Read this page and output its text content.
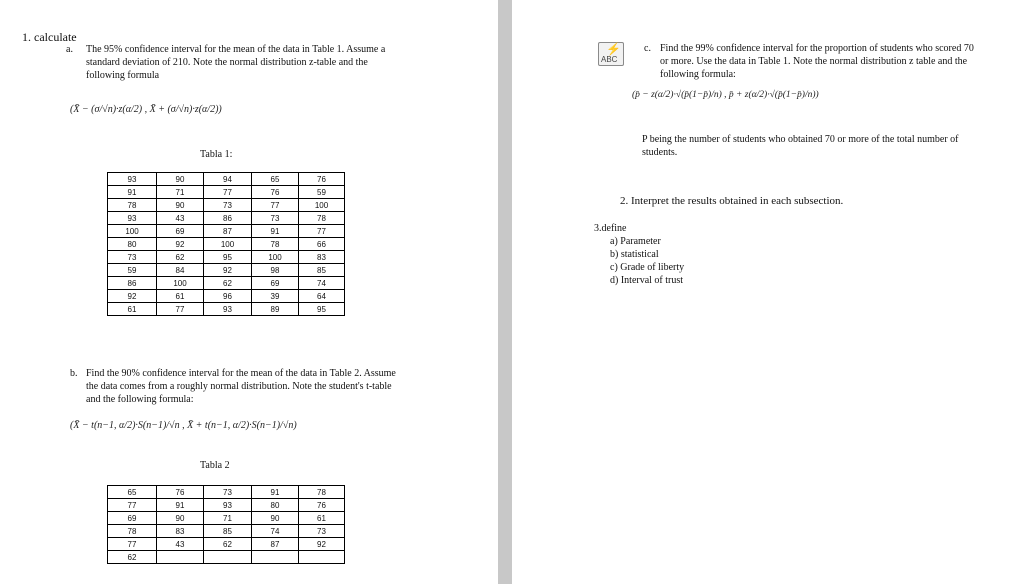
1. calculate
a. The 95% confidence interval for the mean of the data in Table 1. Assume a
standard deviation of 210. Note the normal distribution z-table and the
following formula
(X̄ − (σ/√n)·z(α/2) , X̄ + (σ/√n)·z(α/2))
Tabla 1:
93	90	94	65	76
91	71	77	76	59
78	90	73	77	100
93	43	86	73	78
100	69	87	91	77
80	92	100	78	66
73	62	95	100	83
59	84	92	98	85
86	100	62	69	74
92	61	96	39	64
61	77	93	89	95
b. Find the 90% confidence interval for the mean of the data in Table 2. Assume
the data comes from a roughly normal distribution. Note the student's t-table
and the following formula:
(X̄ − t(n−1, α/2)·S(n−1)/√n , X̄ + t(n−1, α/2)·S(n−1)/√n)
Tabla 2
65	76	73	91	78
77	91	93	80	76
69	90	71	90	61
78	83	85	74	73
77	43	62	87	92
62				
ABC
⚡ c. Find the 99% confidence interval for the proportion of students who scored 70
or more. Use the data in Table 1. Note the normal distribution z table and the
following formula:
(p̄ − z(α/2)·√(p̄(1−p̄)/n) , p̄ + z(α/2)·√(p̄(1−p̄)/n))
P being the number of students who obtained 70 or more of the total number of
students.
2. Interpret the results obtained in each subsection.
3.define
a) Parameter
b) statistical
c) Grade of liberty
d) Interval of trust
